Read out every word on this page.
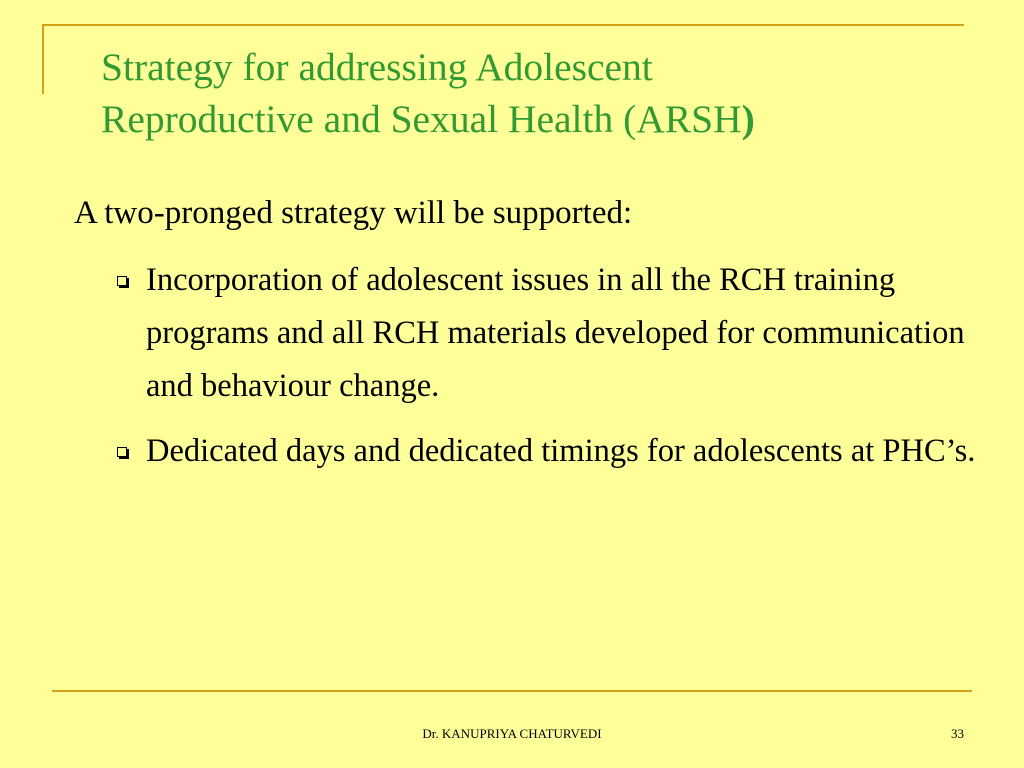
Strategy for addressing Adolescent
Reproductive and Sexual Health (ARSH)

A two-pronged strategy will be supported:

Incorporation of adolescent issues in all the RCH training programs and all RCH materials developed for communication and behaviour change.
Dedicated days and dedicated timings for adolescents at PHC’s.
Dr. KANUPRIYA CHATURVEDI	33
